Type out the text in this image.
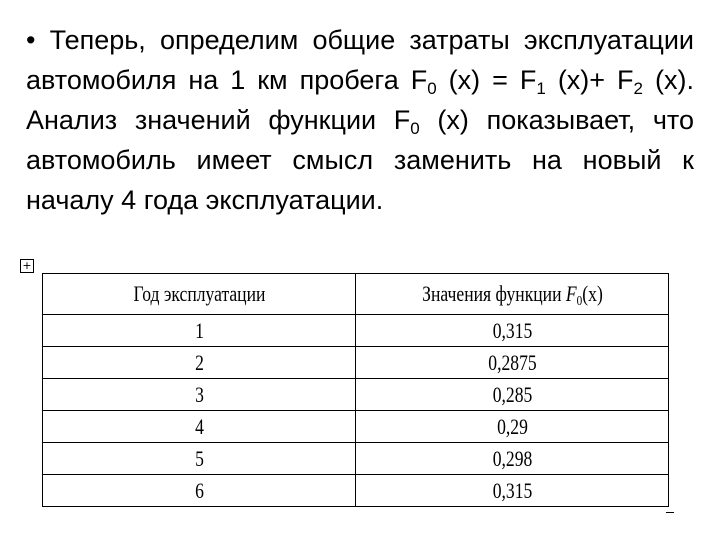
• Теперь, определим общие затраты эксплуатации автомобиля на 1 км пробега $F_0$ $(x) = F_1$ $(x)+ F_2$ (x). Анализ значений функции $F_0$ (x) показывает, что автомобиль имеет смысл заменить на новый к началу 4 года эксплуатации.

+
Год эксплуатации	Значения функции $F_0(x)$
1	0,315
2	0,2875
3	0,285
4	0,29
5	0,298
6	0,315
